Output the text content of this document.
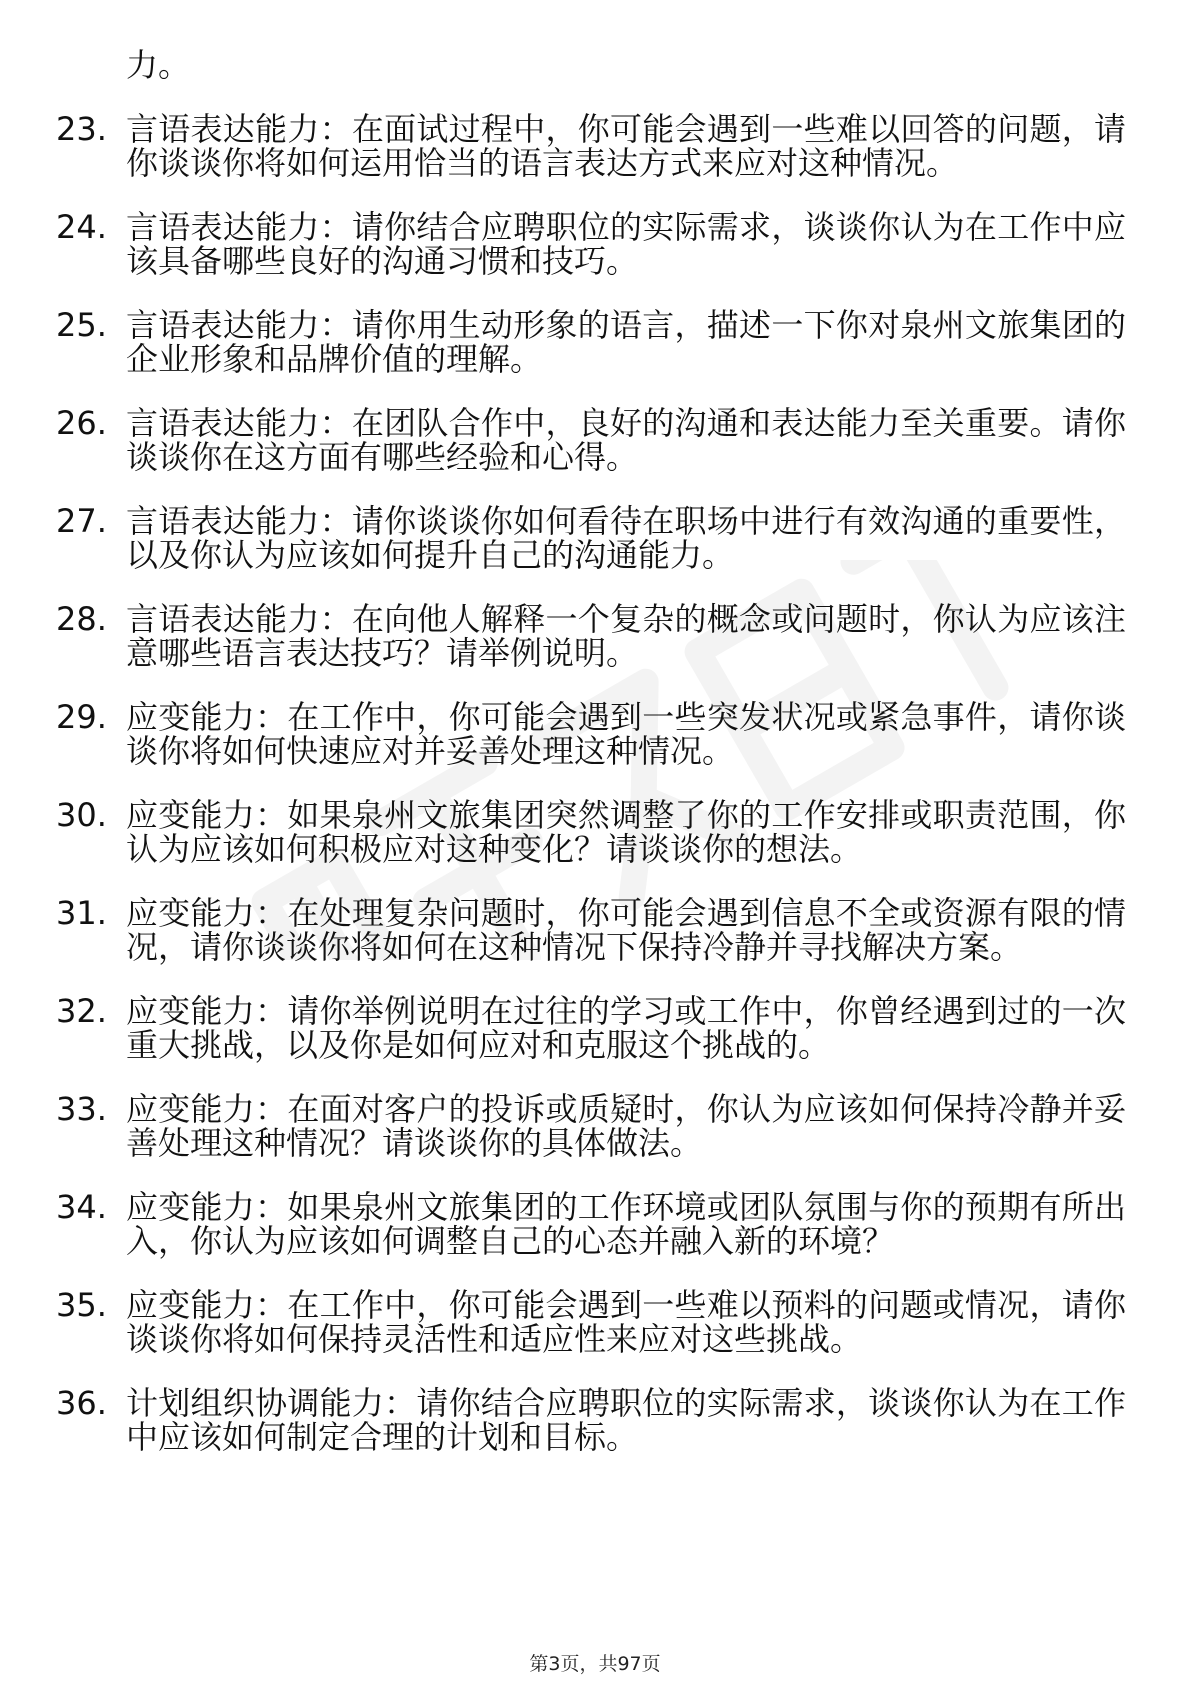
力。
23. 言语表达能力：在面试过程中，你可能会遇到一些难以回答的问题，请你谈谈你将如何运用恰当的语言表达方式来应对这种情况。
24. 言语表达能力：请你结合应聘职位的实际需求，谈谈你认为在工作中应该具备哪些良好的沟通习惯和技巧。
25. 言语表达能力：请你用生动形象的语言，描述一下你对泉州文旅集团的企业形象和品牌价值的理解。
26. 言语表达能力：在团队合作中，良好的沟通和表达能力至关重要。请你谈谈你在这方面有哪些经验和心得。
27. 言语表达能力：请你谈谈你如何看待在职场中进行有效沟通的重要性，以及你认为应该如何提升自己的沟通能力。
28. 言语表达能力：在向他人解释一个复杂的概念或问题时，你认为应该注意哪些语言表达技巧？请举例说明。
29. 应变能力：在工作中，你可能会遇到一些突发状况或紧急事件，请你谈谈你将如何快速应对并妥善处理这种情况。
30. 应变能力：如果泉州文旅集团突然调整了你的工作安排或职责范围，你认为应该如何积极应对这种变化？请谈谈你的想法。
31. 应变能力：在处理复杂问题时，你可能会遇到信息不全或资源有限的情况，请你谈谈你将如何在这种情况下保持冷静并寻找解决方案。
32. 应变能力：请你举例说明在过往的学习或工作中，你曾经遇到过的一次重大挑战，以及你是如何应对和克服这个挑战的。
33. 应变能力：在面对客户的投诉或质疑时，你认为应该如何保持冷静并妥善处理这种情况？请谈谈你的具体做法。
34. 应变能力：如果泉州文旅集团的工作环境或团队氛围与你的预期有所出入，你认为应该如何调整自己的心态并融入新的环境？
35. 应变能力：在工作中，你可能会遇到一些难以预料的问题或情况，请你谈谈你将如何保持灵活性和适应性来应对这些挑战。
36. 计划组织协调能力：请你结合应聘职位的实际需求，谈谈你认为在工作中应该如何制定合理的计划和目标。
第3页，共97页
